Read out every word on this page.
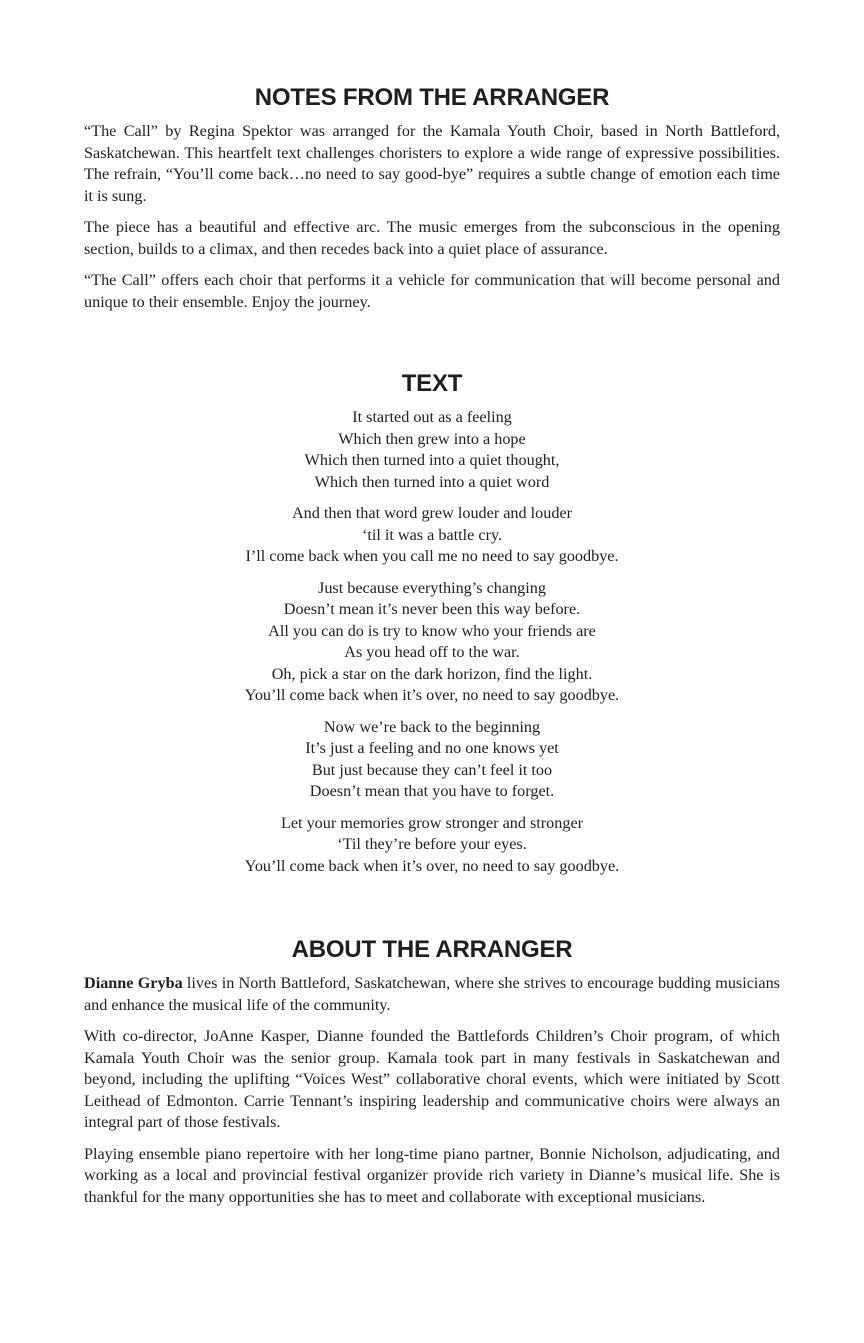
NOTES FROM THE ARRANGER

“The Call” by Regina Spektor was arranged for the Kamala Youth Choir, based in North Battleford, Saskatchewan. This heartfelt text challenges choristers to explore a wide range of expressive possibilities. The refrain, “You’ll come back…no need to say good-bye” requires a subtle change of emotion each time it is sung.

The piece has a beautiful and effective arc. The music emerges from the subconscious in the opening section, builds to a climax, and then recedes back into a quiet place of assurance.

“The Call” offers each choir that performs it a vehicle for communication that will become personal and unique to their ensemble. Enjoy the journey.

TEXT
It started out as a feeling
Which then grew into a hope
Which then turned into a quiet thought,
Which then turned into a quiet word
And then that word grew louder and louder
‘til it was a battle cry.
I’ll come back when you call me no need to say goodbye.
Just because everything’s changing
Doesn’t mean it’s never been this way before.
All you can do is try to know who your friends are
As you head off to the war.
Oh, pick a star on the dark horizon, find the light.
You’ll come back when it’s over, no need to say goodbye.
Now we’re back to the beginning
It’s just a feeling and no one knows yet
But just because they can’t feel it too
Doesn’t mean that you have to forget.
Let your memories grow stronger and stronger
‘Til they’re before your eyes.
You’ll come back when it’s over, no need to say goodbye.
ABOUT THE ARRANGER

Dianne Gryba lives in North Battleford, Saskatchewan, where she strives to encourage budding musicians and enhance the musical life of the community.

With co-director, JoAnne Kasper, Dianne founded the Battlefords Children’s Choir program, of which Kamala Youth Choir was the senior group. Kamala took part in many festivals in Saskatchewan and beyond, including the uplifting “Voices West” collaborative choral events, which were initiated by Scott Leithead of Edmonton. Carrie Tennant’s inspiring leadership and communicative choirs were always an integral part of those festivals.

Playing ensemble piano repertoire with her long-time piano partner, Bonnie Nicholson, adjudicating, and working as a local and provincial festival organizer provide rich variety in Dianne’s musical life. She is thankful for the many opportunities she has to meet and collaborate with exceptional musicians.
